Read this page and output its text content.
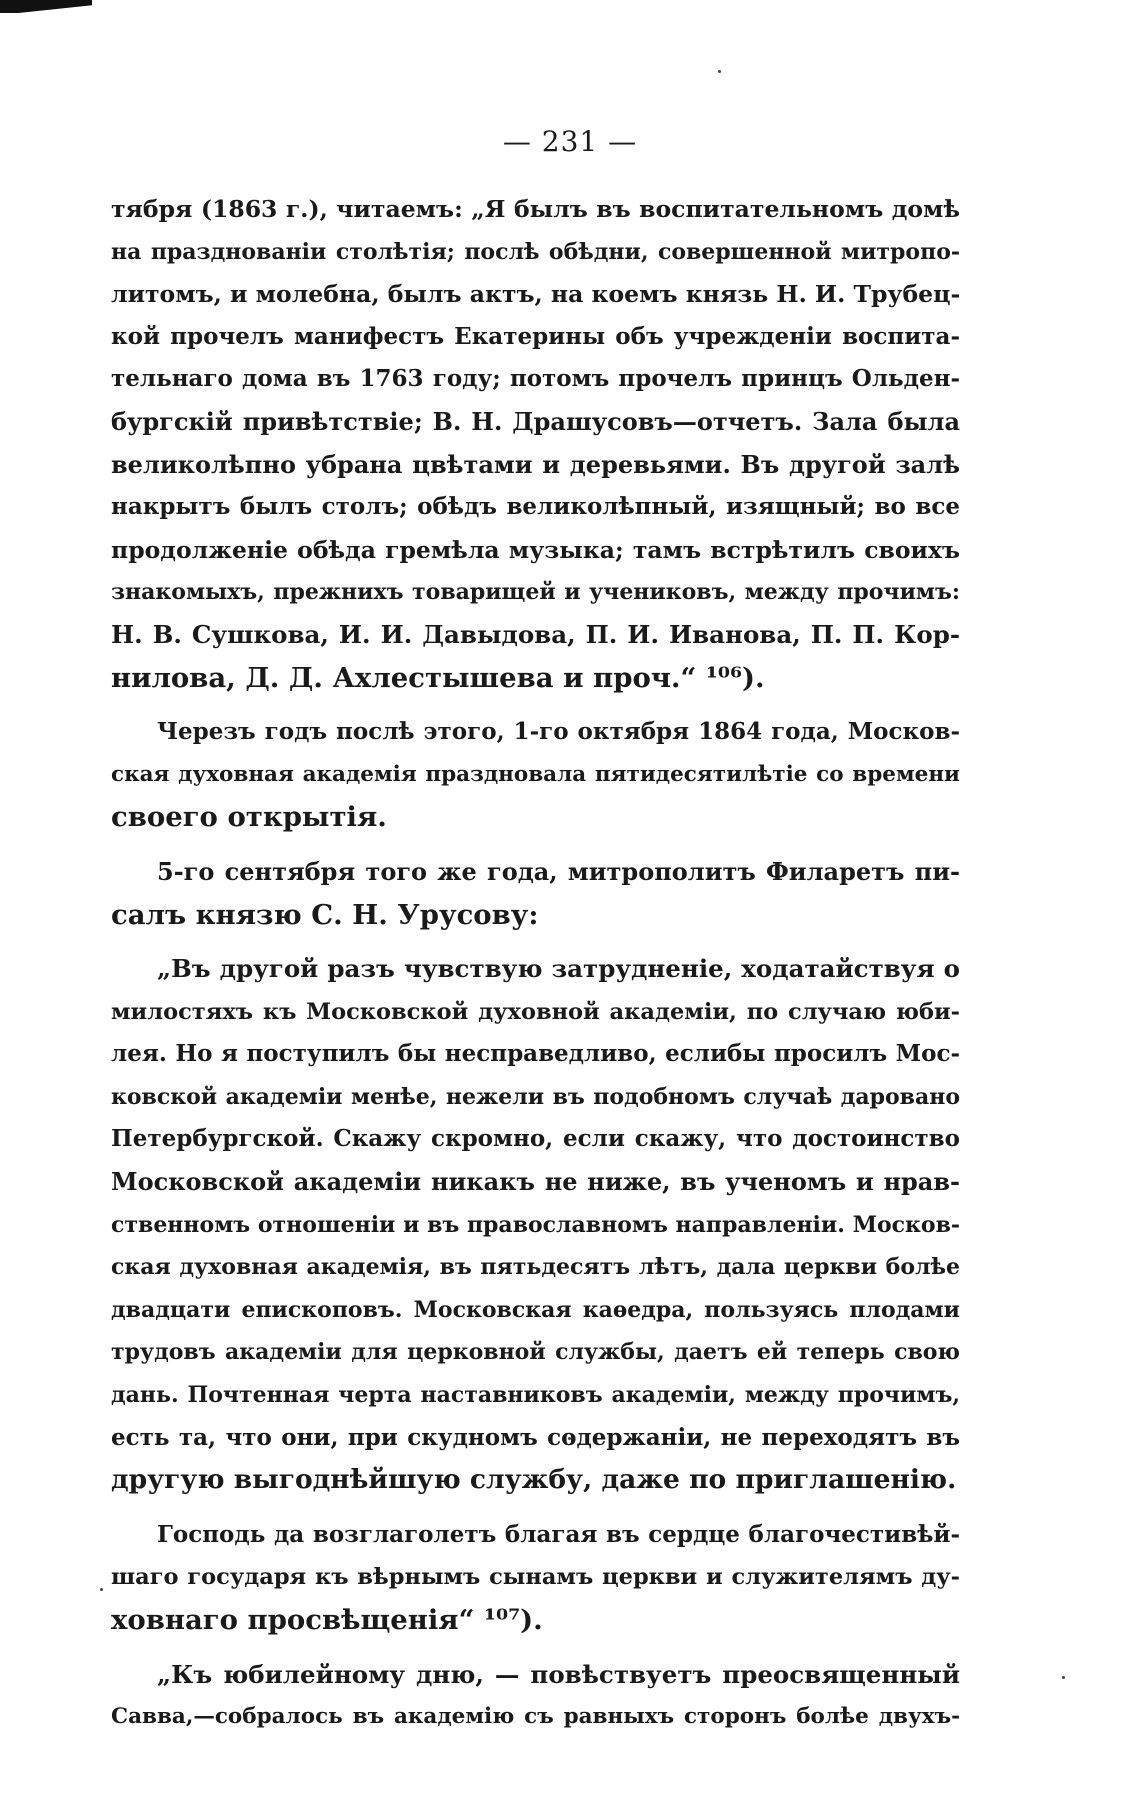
— 231 —
тября (1863 г.), читаемъ: „Я былъ въ воспитательномъ домѣ
на празднованіи столѣтія; послѣ обѣдни, совершенной митропо-
литомъ, и молебна, былъ актъ, на коемъ князь Н. И. Трубец-
кой прочелъ манифестъ Екатерины объ учрежденіи воспита-
тельнаго дома въ 1763 году; потомъ прочелъ принцъ Ольден-
бургскій привѣтствіе; В. Н. Драшусовъ—отчетъ. Зала была
великолѣпно убрана цвѣтами и деревьями. Въ другой залѣ
накрытъ былъ столъ; обѣдъ великолѣпный, изящный; во все
продолженіе обѣда гремѣла музыка; тамъ встрѣтилъ своихъ
знакомыхъ, прежнихъ товарищей и учениковъ, между прочимъ:
Н. В. Сушкова, И. И. Давыдова, П. И. Иванова, П. П. Кор-
нилова, Д. Д. Ахлестышева и проч.“ ¹⁰⁶).
Черезъ годъ послѣ этого, 1-го октября 1864 года, Москов-
ская духовная академія праздновала пятидесятилѣтіе со времени
своего открытія.
5-го сентября того же года, митрополитъ Филаретъ пи-
салъ князю С. Н. Урусову:
„Въ другой разъ чувствую затрудненіе, ходатайствуя о
милостяхъ къ Московской духовной академіи, по случаю юби-
лея. Но я поступилъ бы несправедливо, еслибы просилъ Мос-
ковской академіи менѣе, нежели въ подобномъ случаѣ даровано
Петербургской. Скажу скромно, если скажу, что достоинство
Московской академіи никакъ не ниже, въ ученомъ и нрав-
ственномъ отношеніи и въ православномъ направленіи. Москов-
ская духовная академія, въ пятьдесятъ лѣтъ, дала церкви болѣе
двадцати епископовъ. Московская каѳедра, пользуясь плодами
трудовъ академіи для церковной службы, даетъ ей теперь свою
дань. Почтенная черта наставниковъ академіи, между прочимъ,
есть та, что они, при скудномъ содержаніи, не переходятъ въ
другую выгоднѣйшую службу, даже по приглашенію.
Господь да возглаголетъ благая въ сердце благочестивѣй-
шаго государя къ вѣрнымъ сынамъ церкви и служителямъ ду-
ховнаго просвѣщенія“ ¹⁰⁷).
„Къ юбилейному дню, — повѣствуетъ преосвященный
Савва,—собралось въ академію съ равныхъ сторонъ болѣе двухъ-
